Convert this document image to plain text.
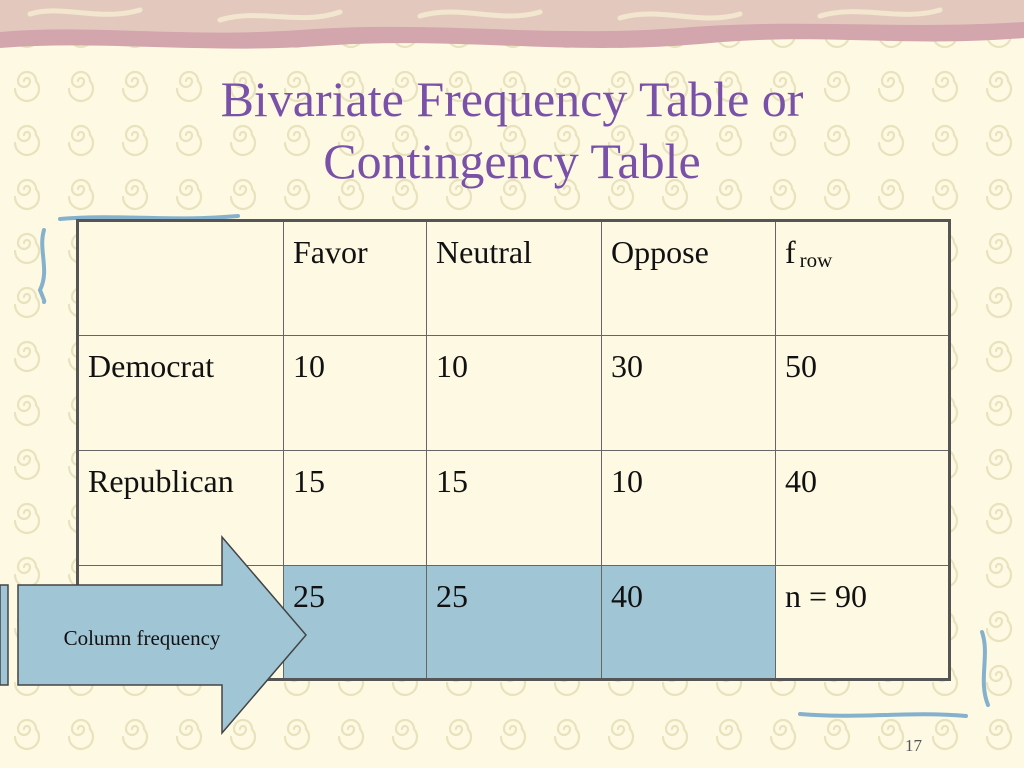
Bivariate Frequency Table or
Contingency Table
	Favor	Neutral	Oppose	f row
Democrat	10	10	30	50
Republican	15	15	10	40
	25	25	40	n = 90
Column frequency
17
